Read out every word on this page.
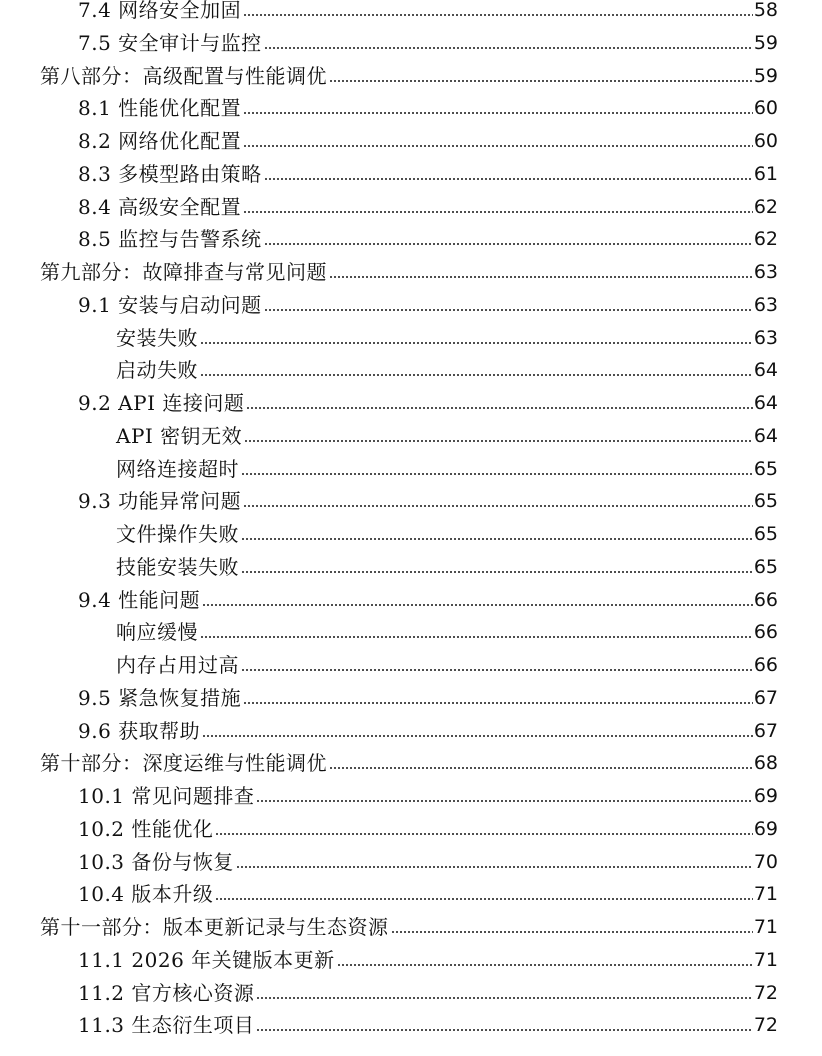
7.4 网络安全加固	58
7.5 安全审计与监控	59
第八部分：高级配置与性能调优	59
8.1 性能优化配置	60
8.2 网络优化配置	60
8.3 多模型路由策略	61
8.4 高级安全配置	62
8.5 监控与告警系统	62
第九部分：故障排查与常见问题	63
9.1 安装与启动问题	63
安装失败	63
启动失败	64
9.2 API 连接问题	64
API 密钥无效	64
网络连接超时	65
9.3 功能异常问题	65
文件操作失败	65
技能安装失败	65
9.4 性能问题	66
响应缓慢	66
内存占用过高	66
9.5 紧急恢复措施	67
9.6 获取帮助	67
第十部分：深度运维与性能调优	68
10.1 常见问题排查	69
10.2 性能优化	69
10.3 备份与恢复	70
10.4 版本升级	71
第十一部分：版本更新记录与生态资源	71
11.1 2026 年关键版本更新	71
11.2 官方核心资源	72
11.3 生态衍生项目	72
